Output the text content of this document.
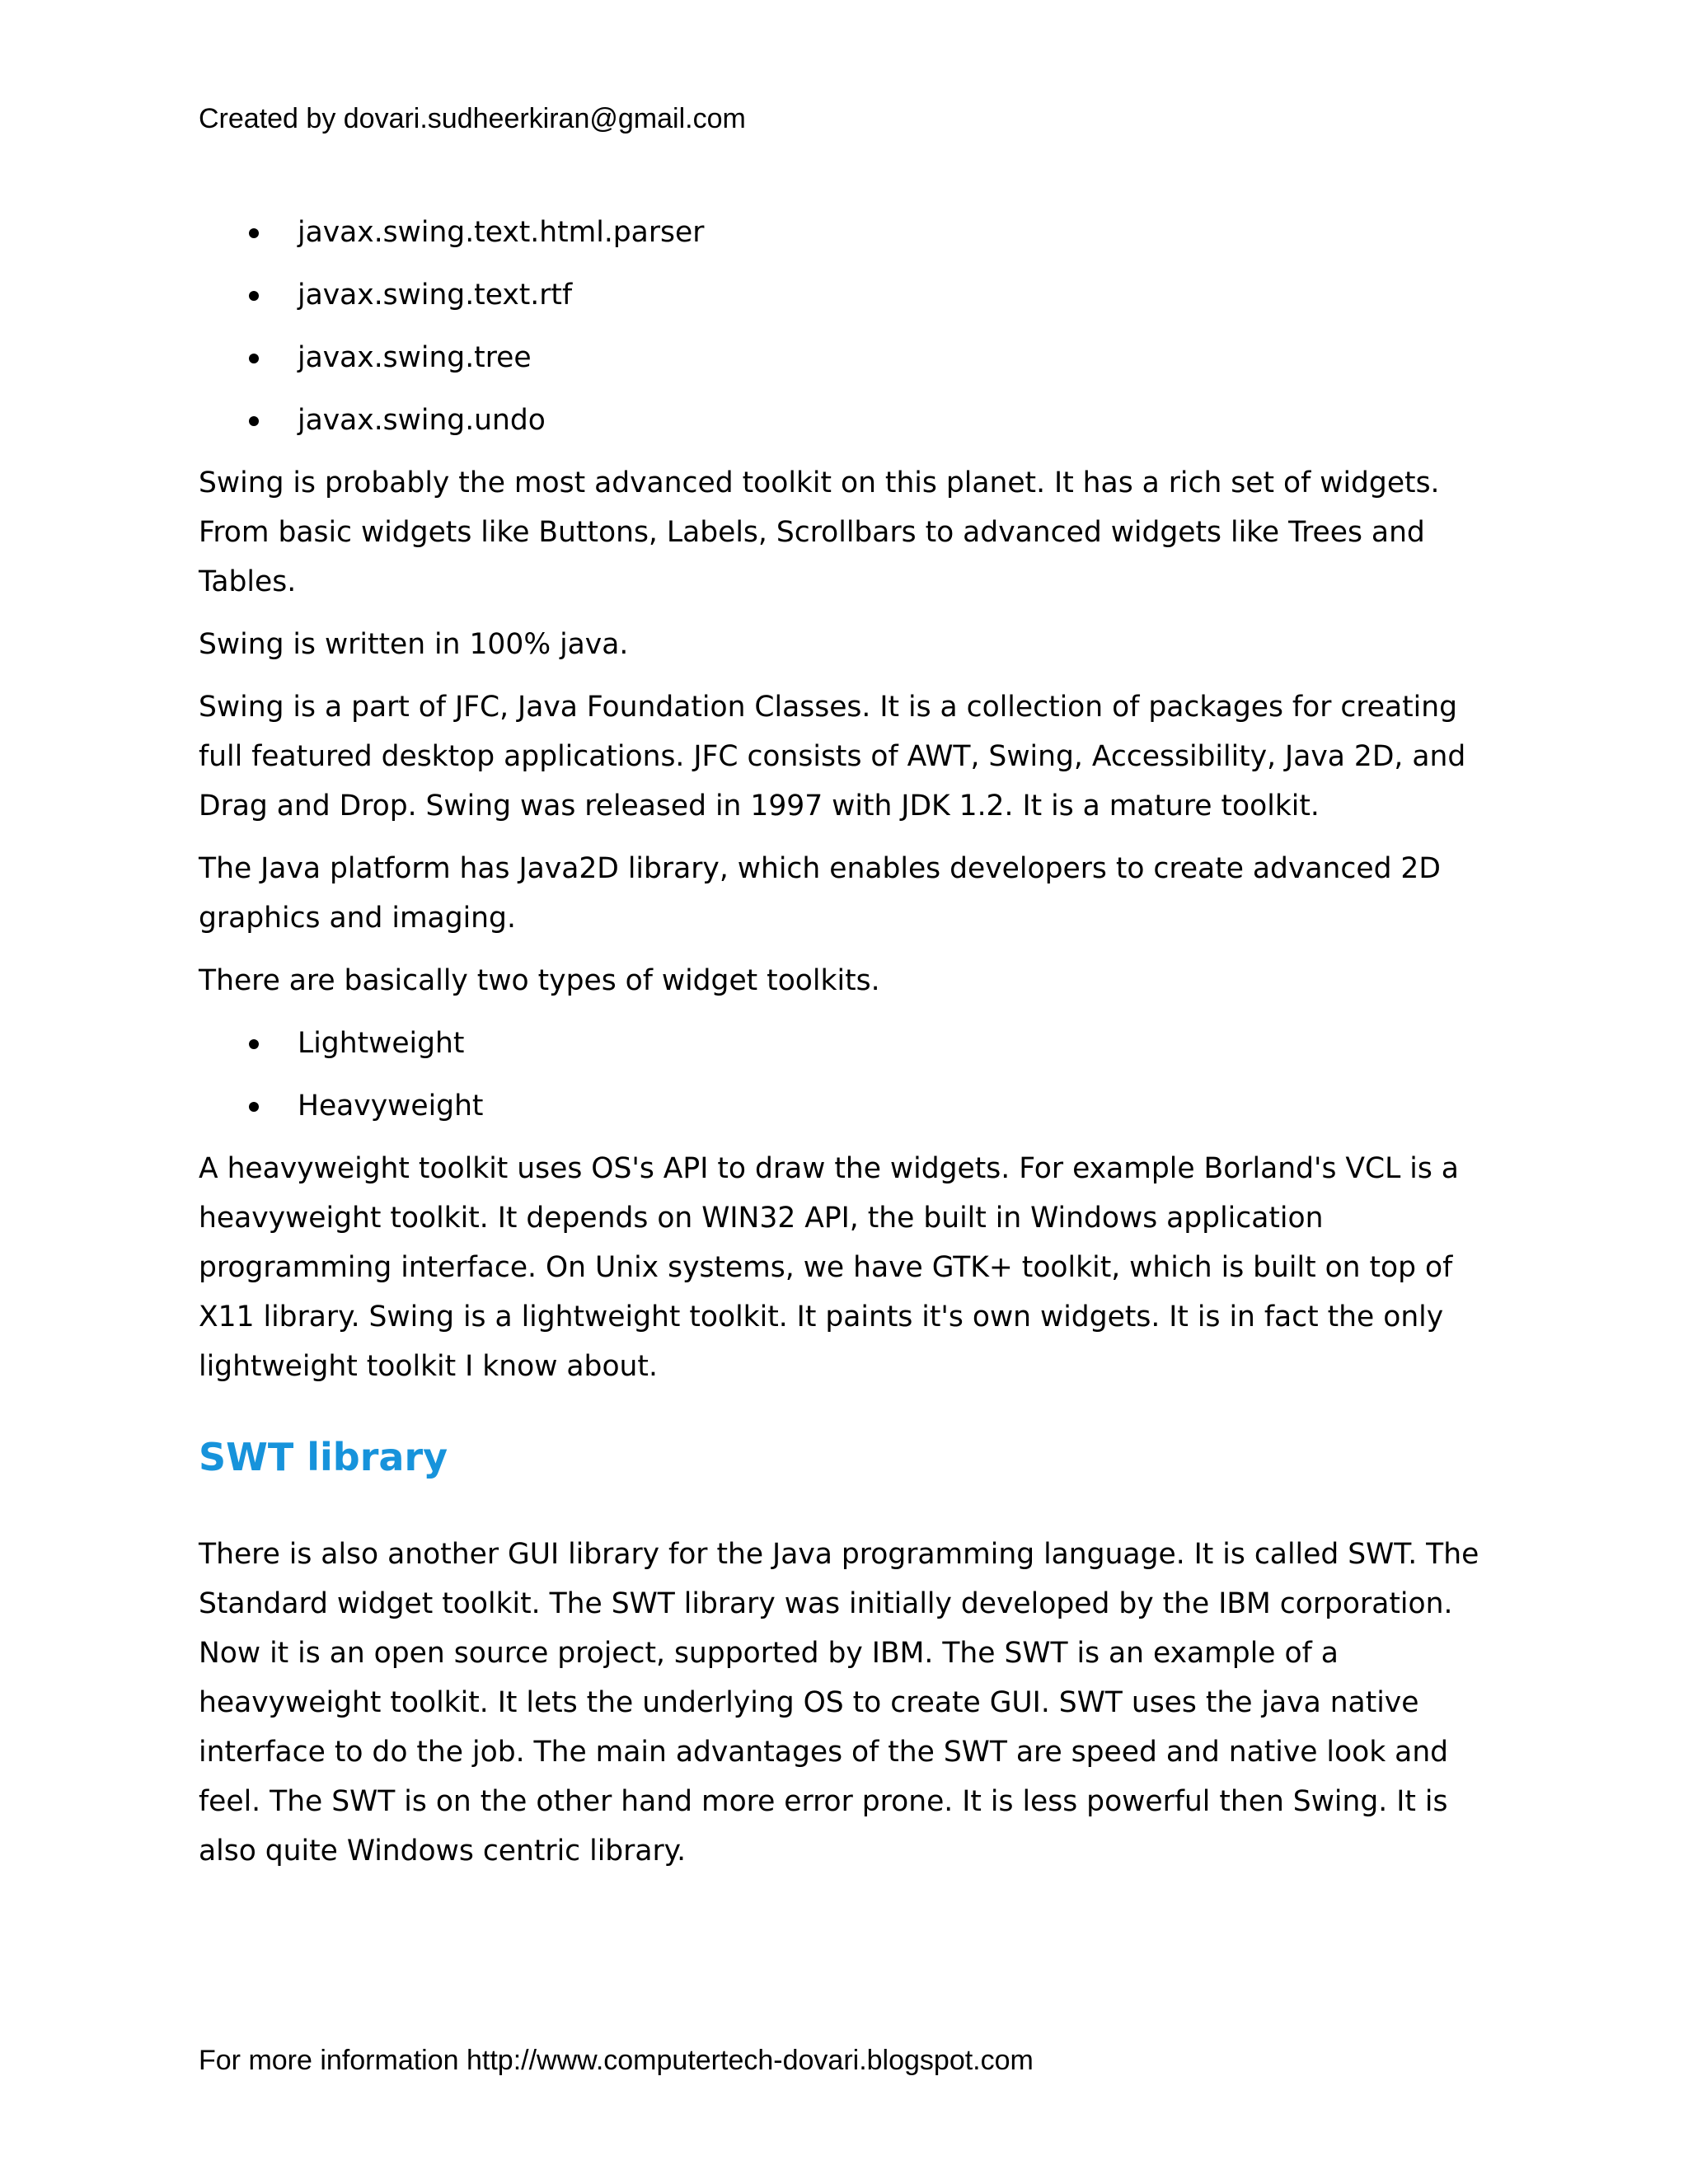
Created by dovari.sudheerkiran@gmail.com
javax.swing.text.html.parser
javax.swing.text.rtf
javax.swing.tree
javax.swing.undo

Swing is probably the most advanced toolkit on this planet. It has a rich set of widgets. From basic widgets like Buttons, Labels, Scrollbars to advanced widgets like Trees and Tables.

Swing is written in 100% java.

Swing is a part of JFC, Java Foundation Classes. It is a collection of packages for creating full featured desktop applications. JFC consists of AWT, Swing, Accessibility, Java 2D, and Drag and Drop. Swing was released in 1997 with JDK 1.2. It is a mature toolkit.

The Java platform has Java2D library, which enables developers to create advanced 2D graphics and imaging.

There are basically two types of widget toolkits.

Lightweight
Heavyweight

A heavyweight toolkit uses OS's API to draw the widgets. For example Borland's VCL is a heavyweight toolkit. It depends on WIN32 API, the built in Windows application programming interface. On Unix systems, we have GTK+ toolkit, which is built on top of X11 library. Swing is a lightweight toolkit. It paints it's own widgets. It is in fact the only lightweight toolkit I know about.

SWT library

There is also another GUI library for the Java programming language. It is called SWT. The Standard widget toolkit. The SWT library was initially developed by the IBM corporation. Now it is an open source project, supported by IBM. The SWT is an example of a heavyweight toolkit. It lets the underlying OS to create GUI. SWT uses the java native interface to do the job. The main advantages of the SWT are speed and native look and feel. The SWT is on the other hand more error prone. It is less powerful then Swing. It is also quite Windows centric library.

For more information http://www.computertech-dovari.blogspot.com
